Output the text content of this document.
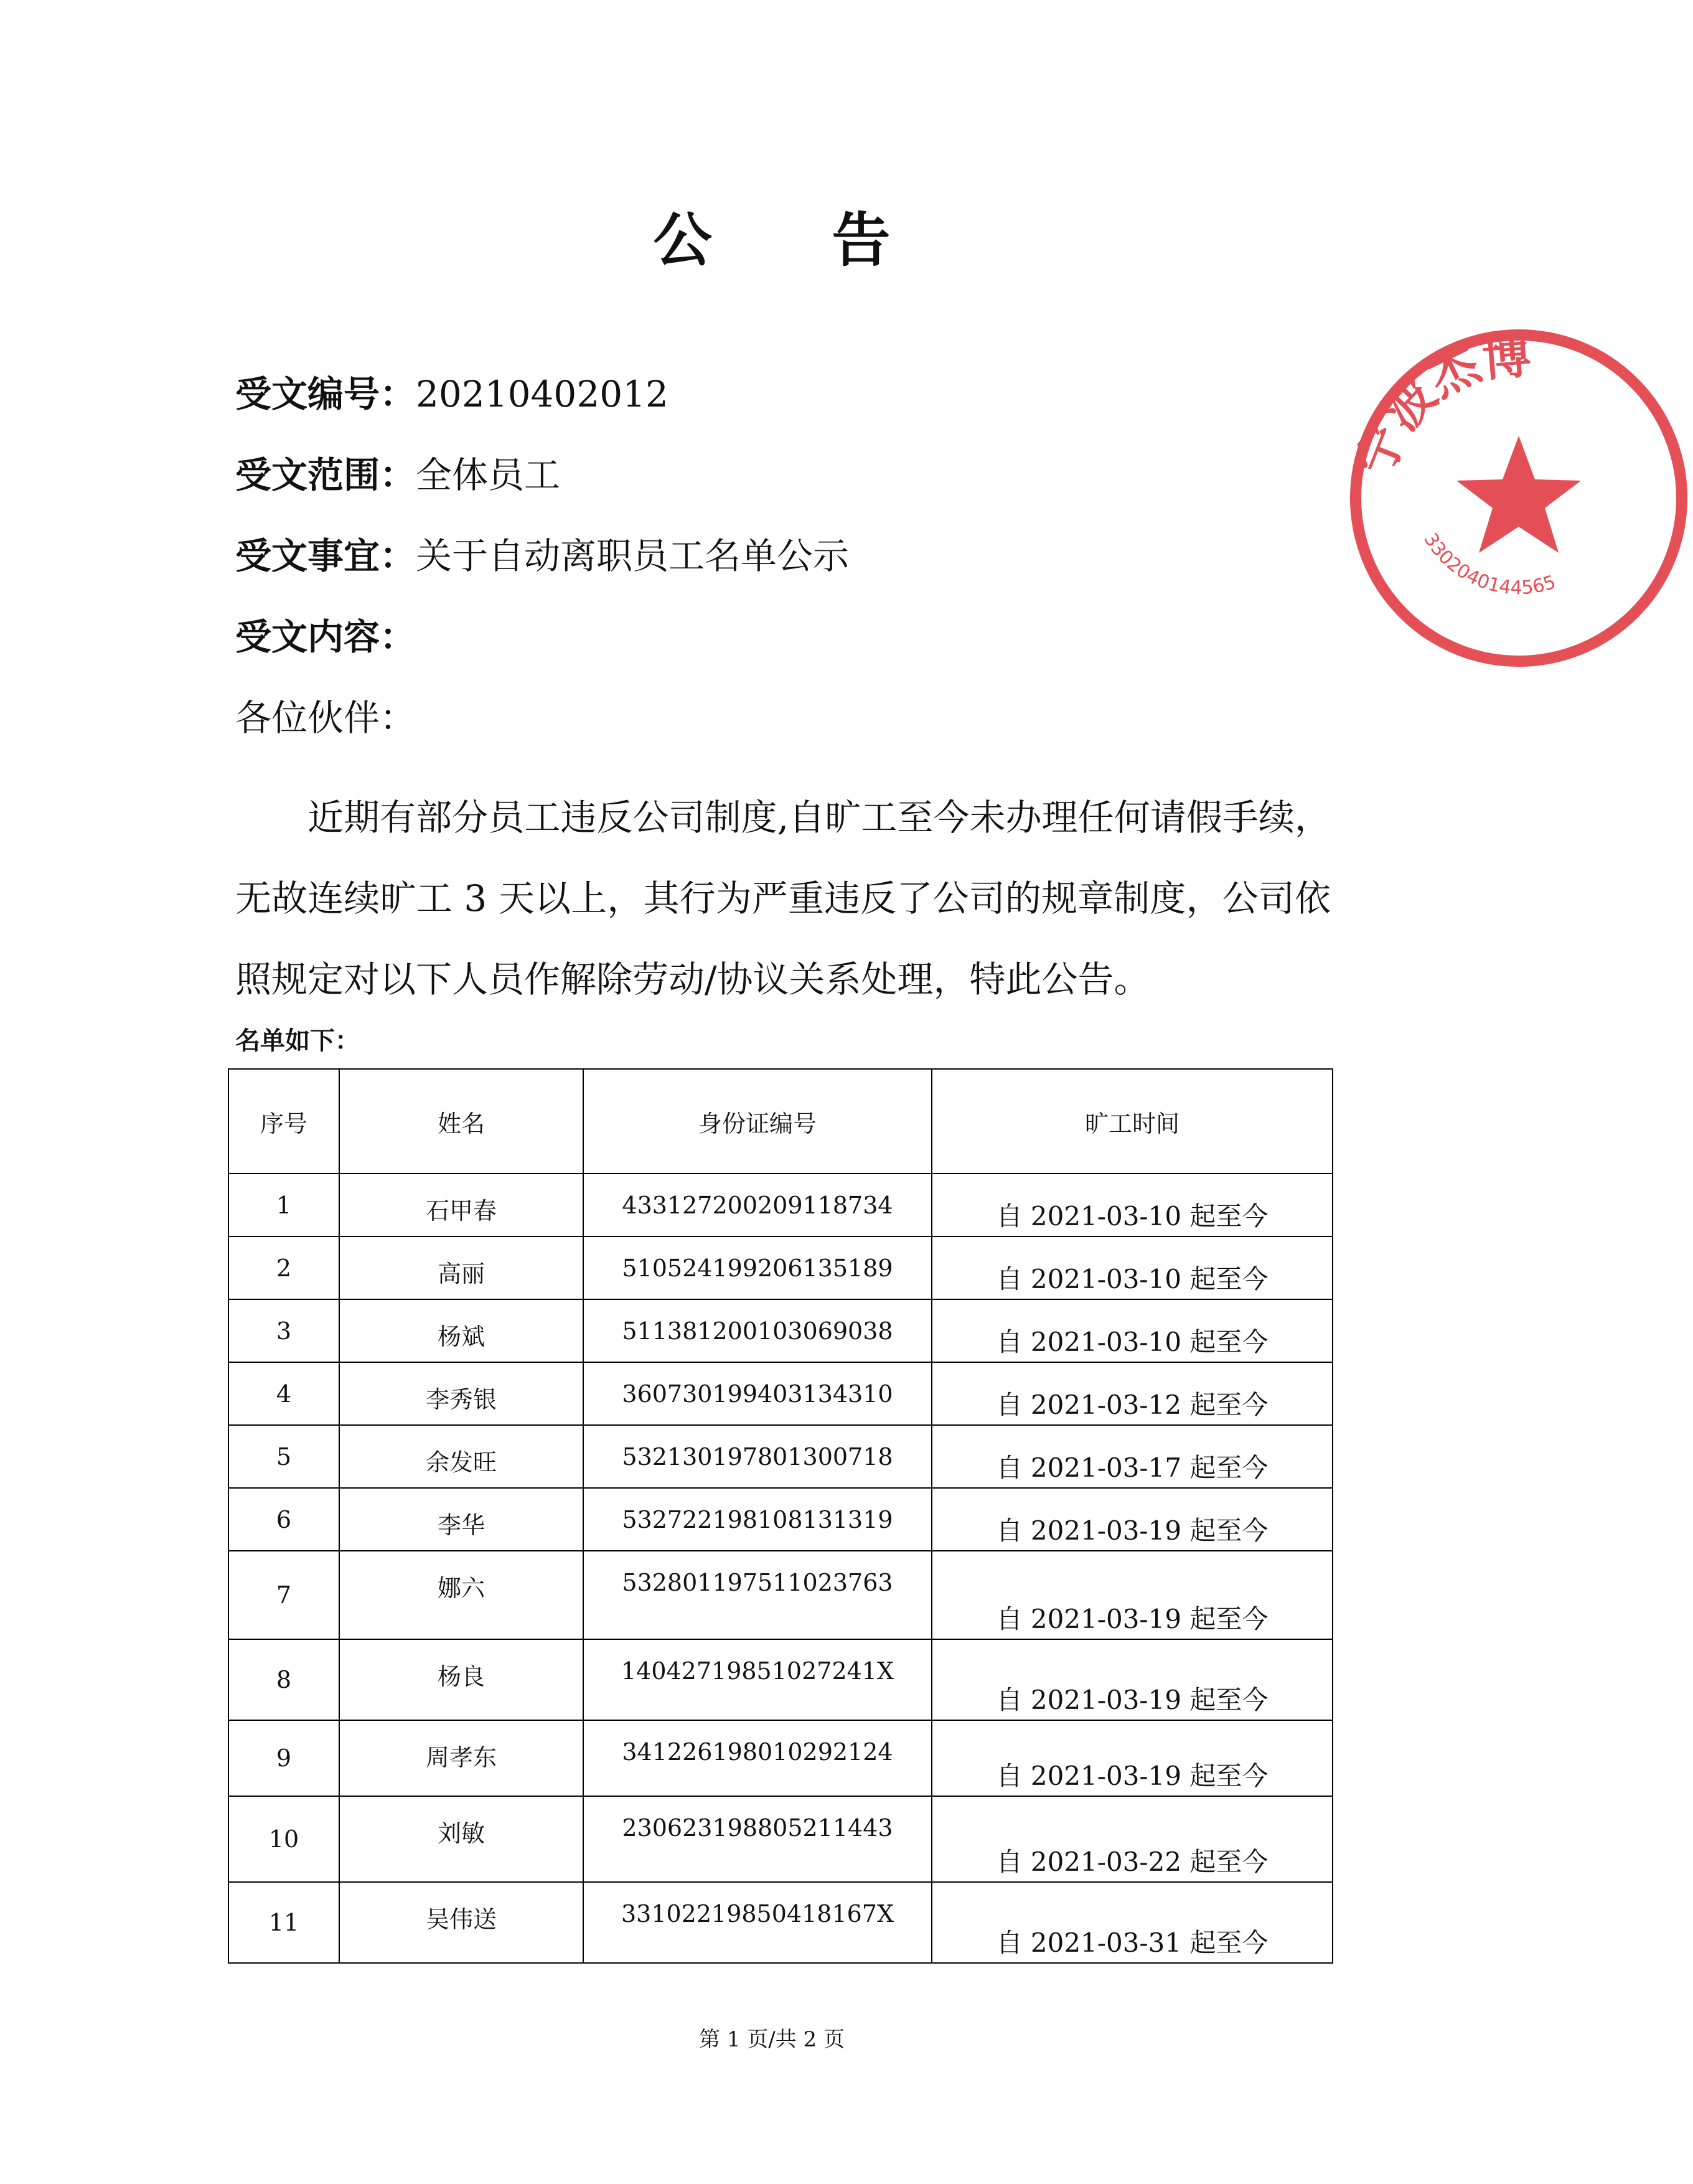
公 告
受文编号：20210402012
受文范围：全体员工
受文事宜：关于自动离职员工名单公示
受文内容：
各位伙伴：
近期有部分员工违反公司制度,自旷工至今未办理任何请假手续，无故连续旷工 3 天以上，其行为严重违反了公司的规章制度，公司依照规定对以下人员作解除劳动/协议关系处理，特此公告。
名单如下：
序号	姓名	身份证编号	旷工时间
1	石甲春	433127200209118734	自 2021-03-10 起至今
2	高丽	510524199206135189	自 2021-03-10 起至今
3	杨斌	511381200103069038	自 2021-03-10 起至今
4	李秀银	360730199403134310	自 2021-03-12 起至今
5	余发旺	532130197801300718	自 2021-03-17 起至今
6	李华	532722198108131319	自 2021-03-19 起至今
7	娜六	532801197511023763	自 2021-03-19 起至今
8	杨良	14042719851027241X	自 2021-03-19 起至今
9	周孝东	341226198010292124	自 2021-03-19 起至今
10	刘敏	230623198805211443	自 2021-03-22 起至今
11	吴伟送	33102219850418167X	自 2021-03-31 起至今
第 1 页/共 2 页
宁波杰博
3302040144565
